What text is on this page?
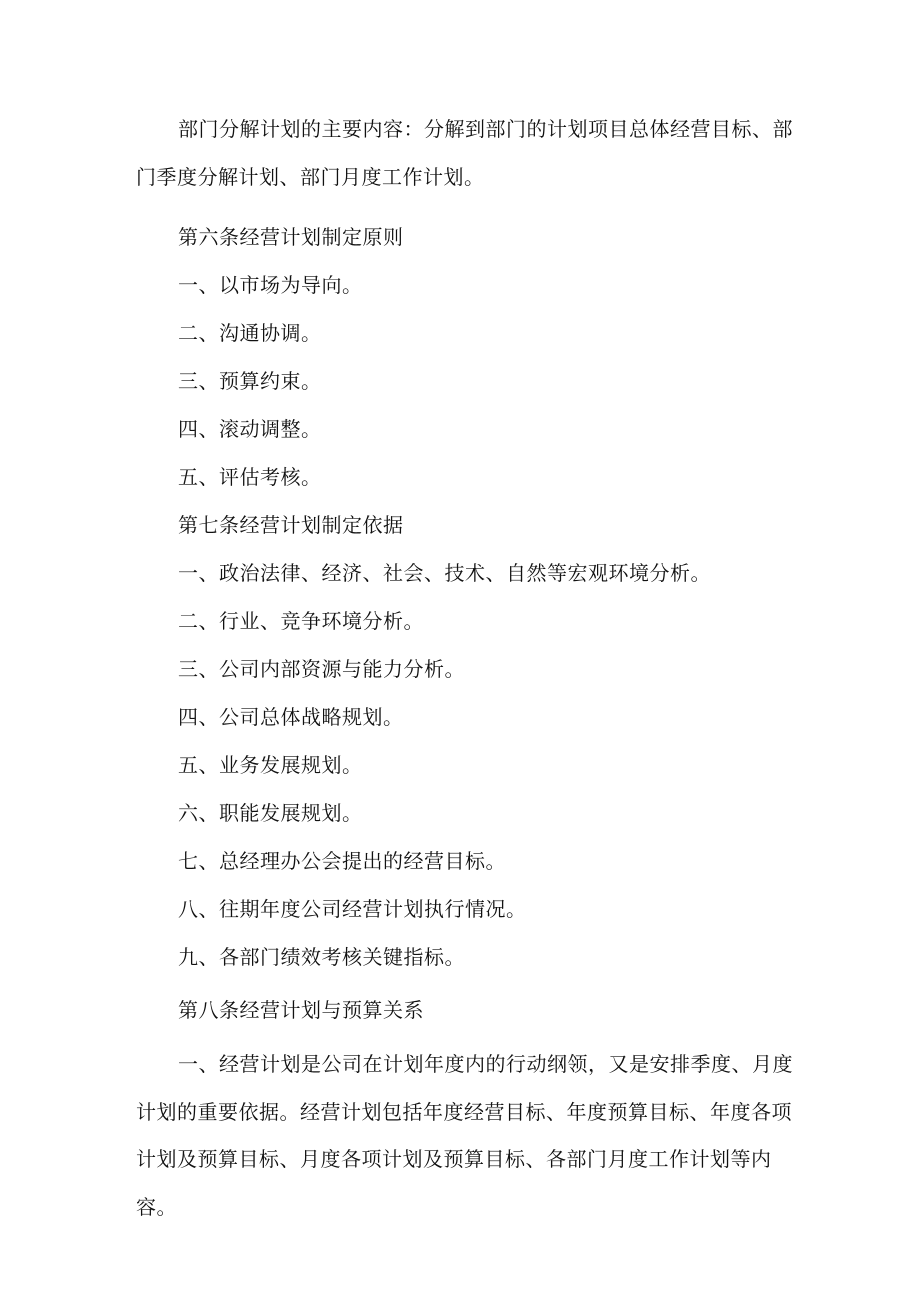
部门分解计划的主要内容：分解到部门的计划项目总体经营目标、部门季度分解计划、部门月度工作计划。

第六条经营计划制定原则

一、以市场为导向。

二、沟通协调。

三、预算约束。

四、滚动调整。

五、评估考核。

第七条经营计划制定依据

一、政治法律、经济、社会、技术、自然等宏观环境分析。

二、行业、竞争环境分析。

三、公司内部资源与能力分析。

四、公司总体战略规划。

五、业务发展规划。

六、职能发展规划。

七、总经理办公会提出的经营目标。

八、往期年度公司经营计划执行情况。

九、各部门绩效考核关键指标。

第八条经营计划与预算关系

一、经营计划是公司在计划年度内的行动纲领，又是安排季度、月度计划的重要依据。经营计划包括年度经营目标、年度预算目标、年度各项计划及预算目标、月度各项计划及预算目标、各部门月度工作计划等内容。
